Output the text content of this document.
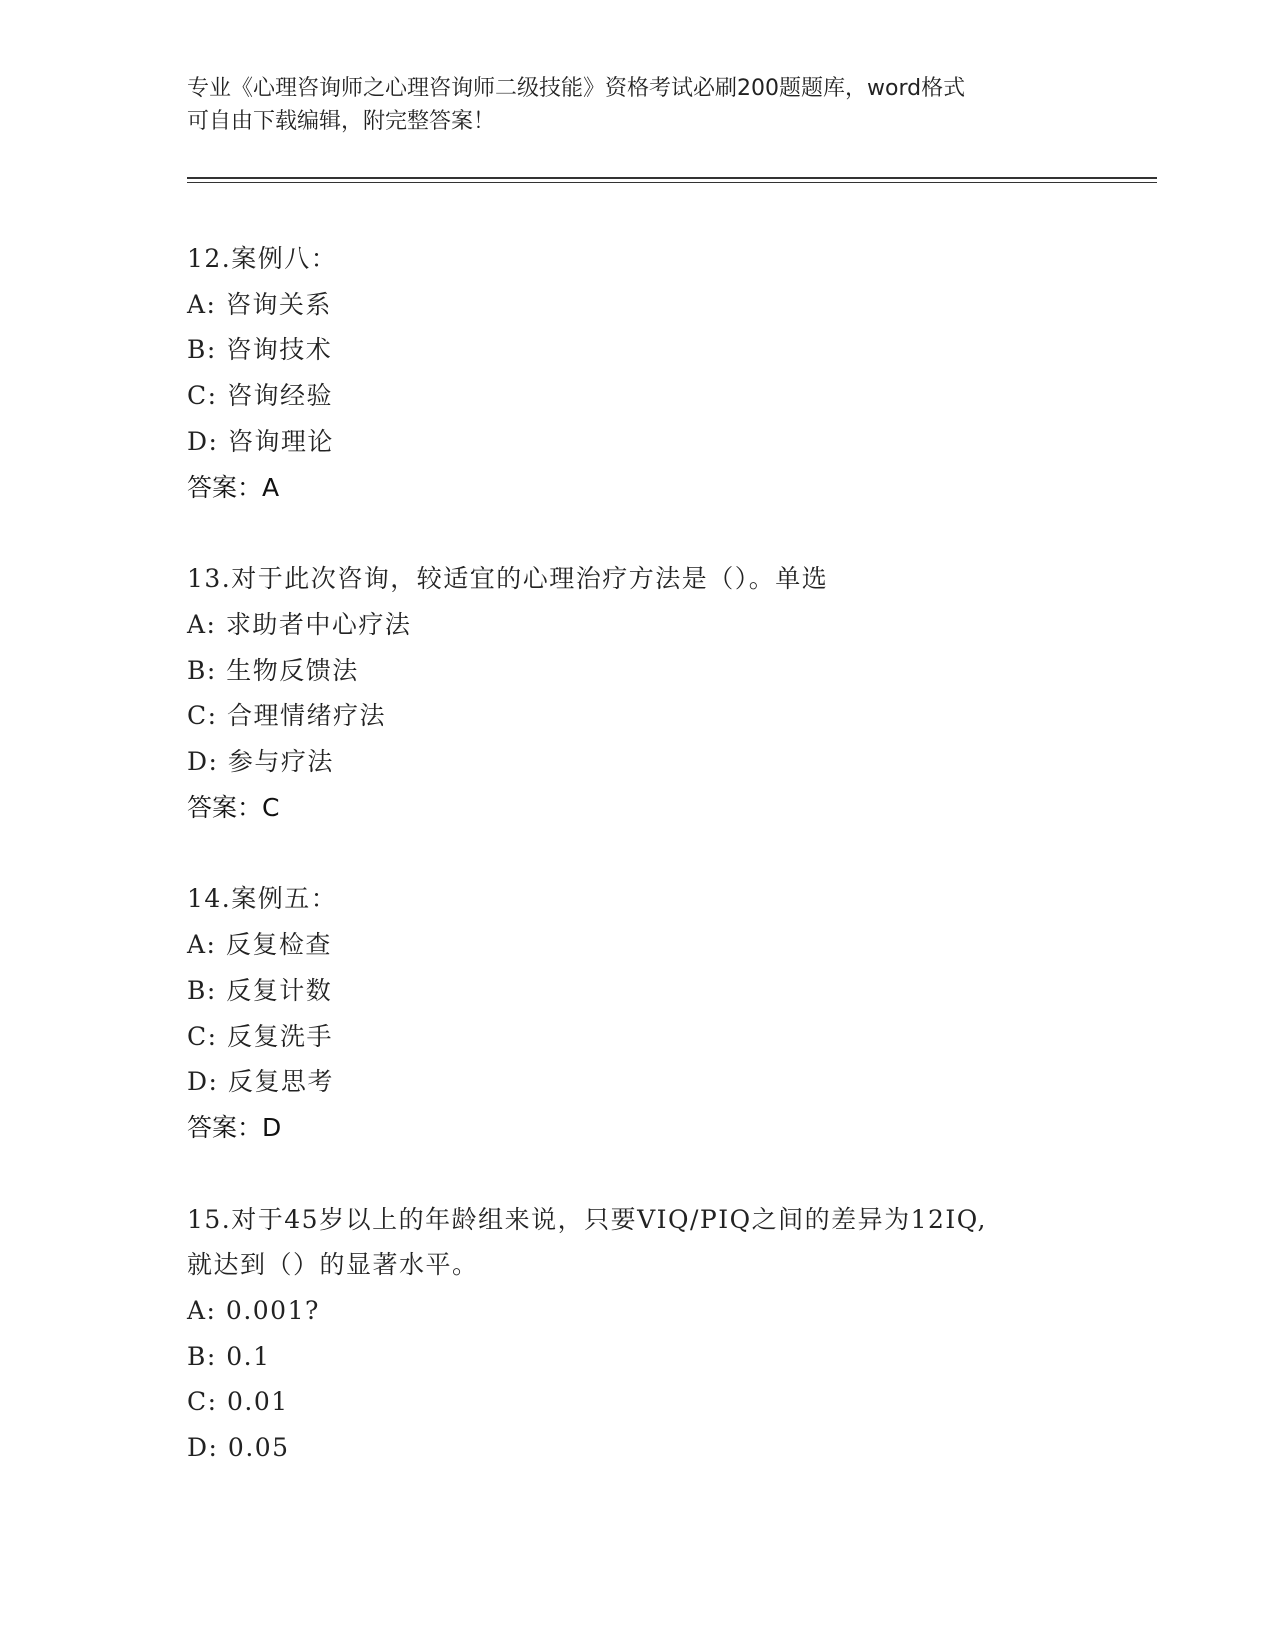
专业《心理咨询师之心理咨询师二级技能》资格考试必刷200题题库，word格式
可自由下载编辑，附完整答案！
12.案例八：
A: 咨询关系
B: 咨询技术
C: 咨询经验
D: 咨询理论
答案：A
13.对于此次咨询，较适宜的心理治疗方法是（）。单选
A: 求助者中心疗法
B: 生物反馈法
C: 合理情绪疗法
D: 参与疗法
答案：C
14.案例五：
A: 反复检查
B: 反复计数
C: 反复洗手
D: 反复思考
答案：D
15.对于45岁以上的年龄组来说，只要VIQ/PIQ之间的差异为12IQ,
就达到（）的显著水平。
A: 0.001?
B: 0.1
C: 0.01
D: 0.05
